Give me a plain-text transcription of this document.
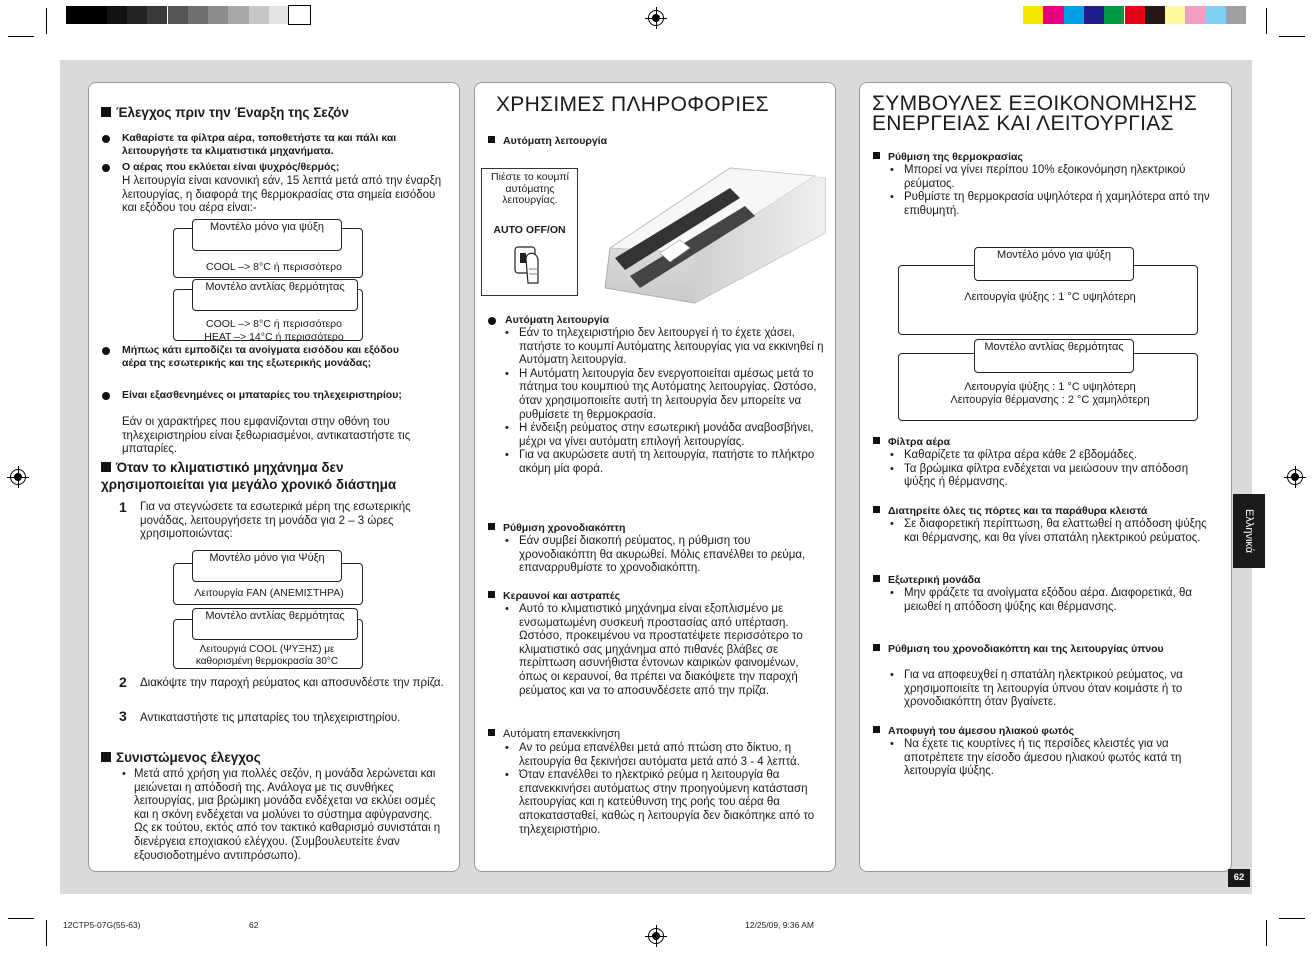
Έλεγχος πριν την Έναρξη της Σεζόν
Καθαρίστε τα φίλτρα αέρα, τοποθετήστε τα και πάλι και λειτουργήστε τα κλιματιστικά μηχανήματα.
Ο αέρας που εκλύεται είναι ψυχρός/θερμός;
Η λειτουργία είναι κανονική εάν, 15 λεπτά μετά από την έναρξη λειτουργίας, η διαφορά της θερμοκρασίας στα σημεία εισόδου και εξόδου του αέρα είναι:-
Μοντέλο μόνο για ψύξη
COOL –> 8°C ή περισσότερο
Μοντέλο αντλίας θερμότητας
COOL –> 8°C ή περισσότερο
HEAT –> 14°C ή περισσότερο
Μήπως κάτι εμποδίζει τα ανοίγματα εισόδου και εξόδου αέρα της εσωτερικής και της εξωτερικής μονάδας;
Είναι εξασθενημένες οι μπαταρίες του τηλεχειριστηρίου;
Εάν οι χαρακτήρες που εμφανίζονται στην οθόνη του τηλεχειριστηρίου είναι ξεθωριασμένοι, αντικαταστήστε τις μπαταρίες.
Όταν το κλιματιστικό μηχάνημα δεν χρησιμοποιείται για μεγάλο χρονικό διάστημα
1 Για να στεγνώσετε τα εσωτερικά μέρη της εσωτερικής μονάδας, λειτουργήσετε τη μονάδα για 2 – 3 ώρες χρησιμοποιώντας:
Μοντέλο μόνο για Ψύξη
Λειτουργία FAN (ΑΝΕΜΙΣΤΗΡΑ)
Μοντέλο αντλίας θερμότητας
Λειτουργιά COOL (ΨΥΞΗΣ) με καθορισμένη θερμοκρασία 30°C
2 Διακόψτε την παροχή ρεύματος και αποσυνδέστε την πρίζα.
3 Αντικαταστήστε τις μπαταρίες του τηλεχειριστηρίου.
Συνιστώμενος έλεγχος
• Μετά από χρήση για πολλές σεζόν, η μονάδα λερώνεται και μειώνεται η απόδοσή της. Ανάλογα με τις συνθήκες λειτουργίας, μια βρώμικη μονάδα ενδέχεται να εκλύει οσμές και η σκόνη ενδέχεται να μολύνει το σύστημα αφύγρανσης. Ως εκ τούτου, εκτός από τον τακτικό καθαρισμό συνιστάται η διενέργεια εποχιακού ελέγχου. (Συμβουλευτείτε έναν εξουσιοδοτημένο αντιπρόσωπο).
ΧΡΗΣΙΜΕΣ ΠΛΗΡΟΦΟΡΙΕΣ
Αυτόματη λειτουργία
Πιέστε το κουμπί αυτόματης λειτουργίας.
AUTO OFF/ON
Αυτόματη λειτουργία
• Εάν το τηλεχειριστήριο δεν λειτουργεί ή το έχετε χάσει, πατήστε το κουμπί Αυτόματης λειτουργίας για να εκκινηθεί η Αυτόματη λειτουργία.
• Η Αυτόματη λειτουργία δεν ενεργοποιείται αμέσως μετά το πάτημα του κουμπιού της Αυτόματης λειτουργίας. Ωστόσο, όταν χρησιμοποιείτε αυτή τη λειτουργία δεν μπορείτε να ρυθμίσετε τη θερμοκρασία.
• Η ένδειξη ρεύματος στην εσωτερική μονάδα αναβοσβήνει, μέχρι να γίνει αυτόματη επιλογή λειτουργίας.
• Για να ακυρώσετε αυτή τη λειτουργία, πατήστε το πλήκτρο ακόμη μία φορά.
Ρύθμιση χρονοδιακόπτη
• Εάν συμβεί διακοπή ρεύματος, η ρύθμιση του χρονοδιακόπτη θα ακυρωθεί. Μόλις επανέλθει το ρεύμα, επαναρρυθμίστε το χρονοδιακόπτη.
Κεραυνοί και αστραπές
• Αυτό το κλιματιστικό μηχάνημα είναι εξοπλισμένο με ενσωματωμένη συσκευή προστασίας από υπέρταση. Ωστόσο, προκειμένου να προστατέψετε περισσότερο το κλιματιστικό σας μηχάνημα από πιθανές βλάβες σε περίπτωση ασυνήθιστα έντονων καιρικών φαινομένων, όπως οι κεραυνοί, θα πρέπει να διακόψετε την παροχή ρεύματος και να το αποσυνδέσετε από την πρίζα.
Αυτόματη επανεκκίνηση
• Αν το ρεύμα επανέλθει μετά από πτώση στο δίκτυο, η λειτουργία θα ξεκινήσει αυτόματα μετά από 3 - 4 λεπτά.
• Όταν επανέλθει το ηλεκτρικό ρεύμα η λειτουργία θα επανεκκινήσει αυτόματως στην προηγούμενη κατάσταση λειτουργίας και η κατεύθυνση της ροής του αέρα θα αποκατασταθεί, καθώς η λειτουργία δεν διακόπηκε από το τηλεχειριστήριο.
ΣΥΜΒΟΥΛΕΣ ΕΞΟΙΚΟΝΟΜΗΣΗΣ
ΕΝΕΡΓΕΙΑΣ ΚΑΙ ΛΕΙΤΟΥΡΓΙΑΣ
Ρύθμιση της θερμοκρασίας
• Μπορεί να γίνει περίπου 10% εξοικονόμηση ηλεκτρικού ρεύματος.
• Ρυθμίστε τη θερμοκρασία υψηλότερα ή χαμηλότερα από την επιθυμητή.
Μοντέλο μόνο για ψύξη
Λειτουργία ψύξης : 1 °C υψηλότερη
Μοντέλο αντλίας θερμότητας
Λειτουργία ψύξης : 1 °C υψηλότερη
Λειτουργία θέρμανσης : 2 °C χαμηλότερη
Φίλτρα αέρα
• Καθαρίζετε τα φίλτρα αέρα κάθε 2 εβδομάδες.
• Τα βρώμικα φίλτρα ενδέχεται να μειώσουν την απόδοση ψύξης ή θέρμανσης.
Διατηρείτε όλες τις πόρτες και τα παράθυρα κλειστά
• Σε διαφορετική περίπτωση, θα ελαττωθεί η απόδοση ψύξης και θέρμανσης, και θα γίνει σπατάλη ηλεκτρικού ρεύματος.
Εξωτερική μονάδα
• Μην φράζετε τα ανοίγματα εξόδου αέρα. Διαφορετικά, θα μειωθεί η απόδοση ψύξης και θέρμανσης.
Ρύθμιση του χρονοδιακόπτη και της λειτουργίας ύπνου
• Για να αποφευχθεί η σπατάλη ηλεκτρικού ρεύματος, να χρησιμοποιείτε τη λειτουργία ύπνου όταν κοιμάστε ή το χρονοδιακόπτη όταν βγαίνετε.
Αποφυγή του άμεσου ηλιακού φωτός
• Να έχετε τις κουρτίνες ή τις περσίδες κλειστές για να αποτρέπετε την είσοδο άμεσου ηλιακού φωτός κατά τη λειτουργία ψύξης.
Ελληνικά
62
12CTP5-07G(55-63)	62	12/25/09, 9:36 AM
